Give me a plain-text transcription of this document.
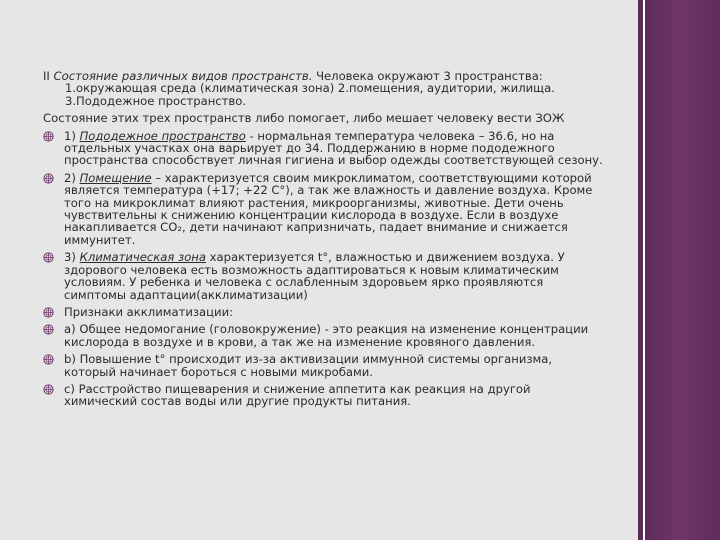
II Состояние различных видов пространств. Человека окружают 3 пространства: 1.окружающая среда (климатическая зона) 2.помещения, аудитории, жилища. 3.Пододежное пространство.

Состояние этих трех пространств либо помогает, либо мешает человеку вести ЗОЖ

1) Пододежное пространство - нормальная температура человека – 36.6, но на отдельных участках она варьирует до 34. Поддержанию в норме пододежного пространства способствует личная гигиена и выбор одежды соответствующей сезону.
2) Помещение – характеризуется своим микроклиматом, соответствующими которой является температура (+17; +22 С°), а так же влажность и давление воздуха. Кроме того на микроклимат влияют растения, микроорганизмы, животные. Дети очень чувствительны к снижению концентрации кислорода в воздухе. Если в воздухе накапливается СО₂, дети начинают капризничать, падает внимание и снижается иммунитет.
3) Климатическая зона характеризуется t°, влажностью и движением воздуха. У здорового человека есть возможность адаптироваться к новым климатическим условиям. У ребенка и человека с ослабленным здоровьем ярко проявляются симптомы адаптации(акклиматизации)
Признаки акклиматизации:
a) Общее недомогание (головокружение) - это реакция на изменение концентрации кислорода в воздухе и в крови, а так же на изменение кровяного давления.
b) Повышение t° происходит из-за активизации иммунной системы организма, который начинает бороться с новыми микробами.
c) Расстройство пищеварения и снижение аппетита как реакция на другой химический состав воды или другие продукты питания.
